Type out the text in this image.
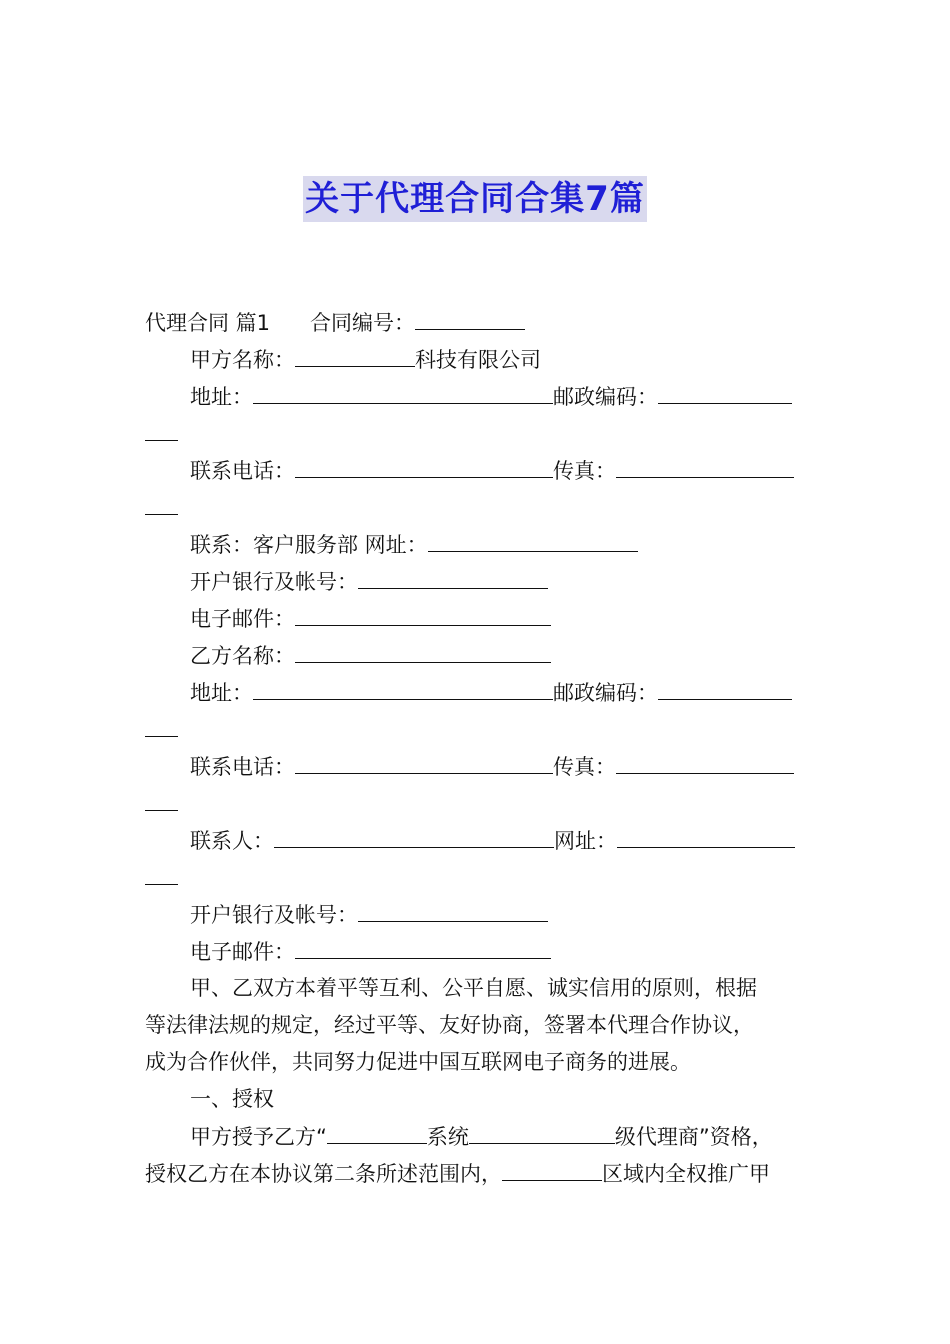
关于代理合同合集7篇
代理合同 篇1 合同编号：
甲方名称：	科技有限公司
地址：	邮政编码：
联系电话：	传真：
联系：客户服务部 网址：
开户银行及帐号：
电子邮件：
乙方名称：
地址：	邮政编码：
联系电话：	传真：
联系人：	网址：
开户银行及帐号：
电子邮件：
甲、乙双方本着平等互利、公平自愿、诚实信用的原则，根据
等法律法规的规定，经过平等、友好协商，签署本代理合作协议，
成为合作伙伴，共同努力促进中国互联网电子商务的进展。
一、授权
甲方授予乙方“	系统	级代理商”资格，
授权乙方在本协议第二条所述范围内，	区域内全权推广甲
